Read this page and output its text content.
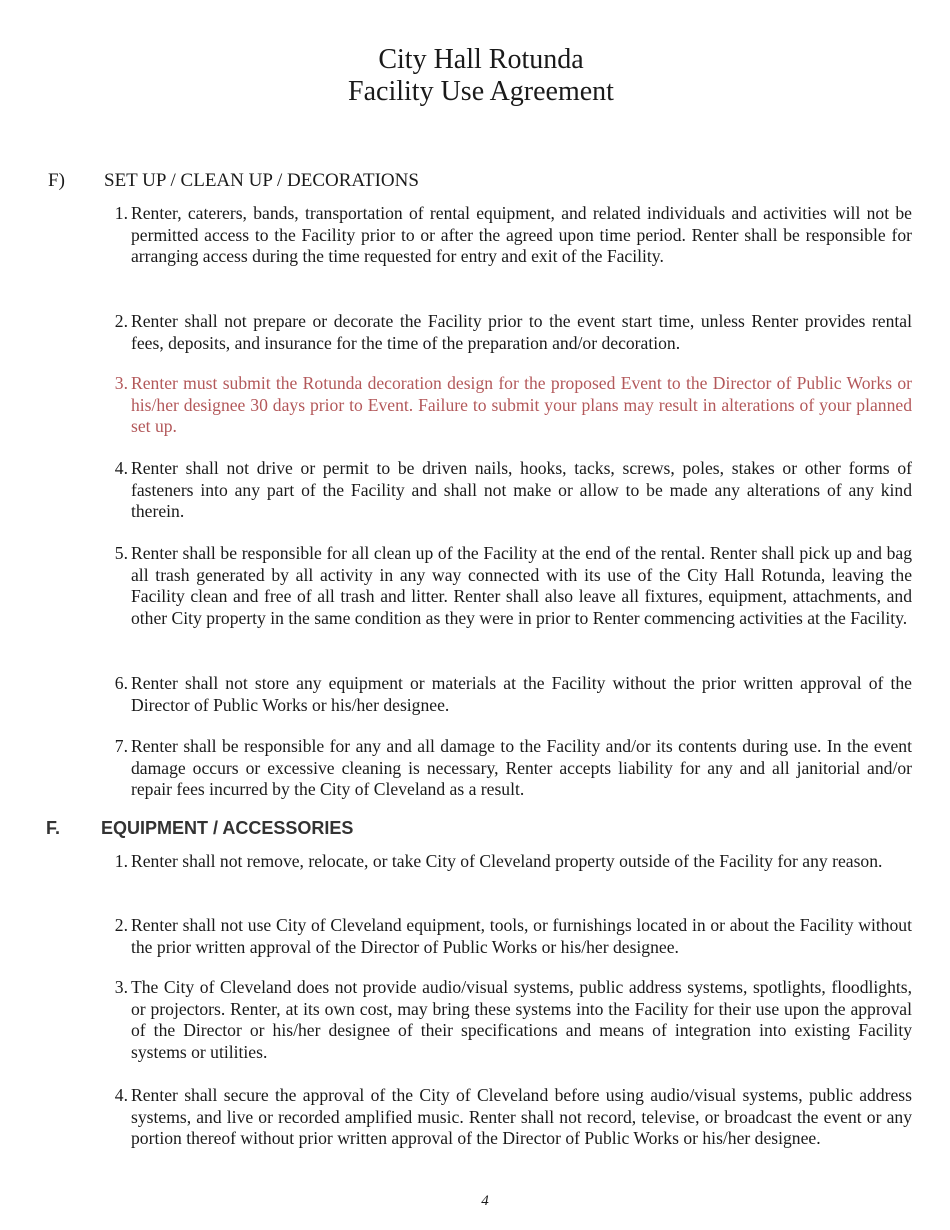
City Hall Rotunda
Facility Use Agreement
F) SET UP / CLEAN UP / DECORATIONS
1. Renter, caterers, bands, transportation of rental equipment, and related individuals and activities will not be permitted access to the Facility prior to or after the agreed upon time period. Renter shall be responsible for arranging access during the time requested for entry and exit of the Facility.
2. Renter shall not prepare or decorate the Facility prior to the event start time, unless Renter provides rental fees, deposits, and insurance for the time of the preparation and/or decoration.
3. Renter must submit the Rotunda decoration design for the proposed Event to the Director of Public Works or his/her designee 30 days prior to Event. Failure to submit your plans may result in alterations of your planned set up.
4. Renter shall not drive or permit to be driven nails, hooks, tacks, screws, poles, stakes or other forms of fasteners into any part of the Facility and shall not make or allow to be made any alterations of any kind therein.
5. Renter shall be responsible for all clean up of the Facility at the end of the rental. Renter shall pick up and bag all trash generated by all activity in any way connected with its use of the City Hall Rotunda, leaving the Facility clean and free of all trash and litter. Renter shall also leave all fixtures, equipment, attachments, and other City property in the same condition as they were in prior to Renter commencing activities at the Facility.
6. Renter shall not store any equipment or materials at the Facility without the prior written approval of the Director of Public Works or his/her designee.
7. Renter shall be responsible for any and all damage to the Facility and/or its contents during use. In the event damage occurs or excessive cleaning is necessary, Renter accepts liability for any and all janitorial and/or repair fees incurred by the City of Cleveland as a result.
F. EQUIPMENT / ACCESSORIES
1. Renter shall not remove, relocate, or take City of Cleveland property outside of the Facility for any reason.
2. Renter shall not use City of Cleveland equipment, tools, or furnishings located in or about the Facility without the prior written approval of the Director of Public Works or his/her designee.
3. The City of Cleveland does not provide audio/visual systems, public address systems, spotlights, floodlights, or projectors. Renter, at its own cost, may bring these systems into the Facility for their use upon the approval of the Director or his/her designee of their specifications and means of integration into existing Facility systems or utilities.
4. Renter shall secure the approval of the City of Cleveland before using audio/visual systems, public address systems, and live or recorded amplified music. Renter shall not record, televise, or broadcast the event or any portion thereof without prior written approval of the Director of Public Works or his/her designee.
4
